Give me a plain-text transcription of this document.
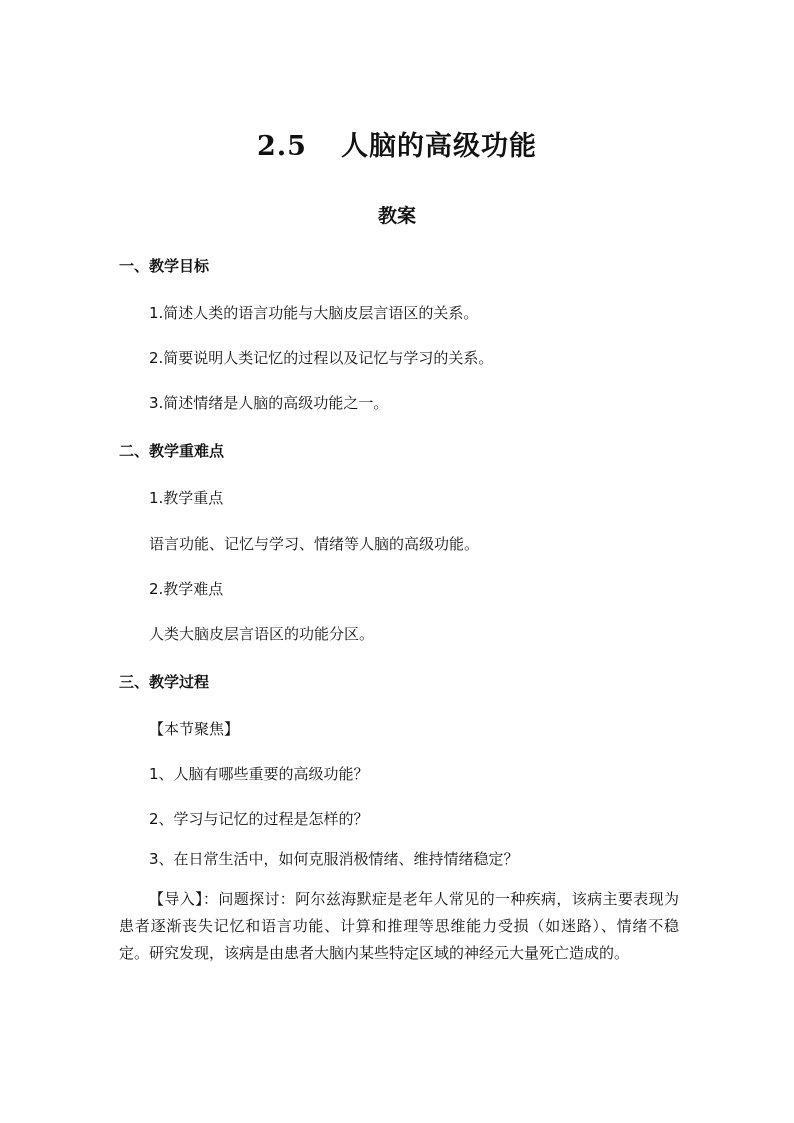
2.5 人脑的高级功能
教案
一、教学目标
1.简述人类的语言功能与大脑皮层言语区的关系。
2.简要说明人类记忆的过程以及记忆与学习的关系。
3.简述情绪是人脑的高级功能之一。
二、教学重难点
1.教学重点
语言功能、记忆与学习、情绪等人脑的高级功能。
2.教学难点
人类大脑皮层言语区的功能分区。
三、教学过程
【本节聚焦】
1、人脑有哪些重要的高级功能？
2、学习与记忆的过程是怎样的？
3、在日常生活中，如何克服消极情绪、维持情绪稳定？
【导入】：问题探讨：阿尔兹海默症是老年人常见的一种疾病，该病主要表现为患者逐渐丧失记忆和语言功能、计算和推理等思维能力受损（如迷路）、情绪不稳定。研究发现，该病是由患者大脑内某些特定区域的神经元大量死亡造成的。
